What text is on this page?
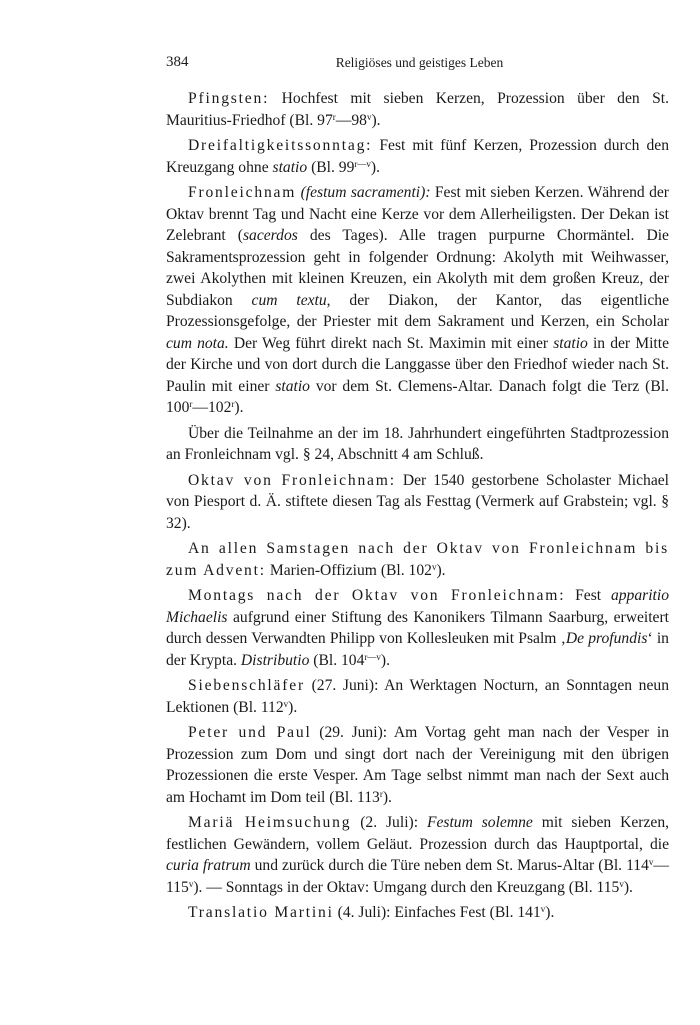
384	Religiöses und geistiges Leben

Pfingsten: Hochfest mit sieben Kerzen, Prozession über den St. Mauritius-Friedhof (Bl. 97$^r$—98$^v$).

Dreifaltigkeitssonntag: Fest mit fünf Kerzen, Prozession durch den Kreuzgang ohne statio (Bl. $99^{r—v}$).

Fronleichnam (festum sacramenti): Fest mit sieben Kerzen. Während der Oktav brennt Tag und Nacht eine Kerze vor dem Allerheiligsten. Der Dekan ist Zelebrant (sacerdos des Tages). Alle tragen purpurne Chormäntel. Die Sakramentsprozession geht in folgender Ordnung: Akolyth mit Weihwasser, zwei Akolythen mit kleinen Kreuzen, ein Akolyth mit dem großen Kreuz, der Subdiakon cum textu, der Diakon, der Kantor, das eigentliche Prozessionsgefolge, der Priester mit dem Sakrament und Kerzen, ein Scholar cum nota. Der Weg führt direkt nach St. Maximin mit einer statio in der Mitte der Kirche und von dort durch die Langgasse über den Friedhof wieder nach St. Paulin mit einer statio vor dem St. Clemens-Altar. Danach folgt die Terz (Bl. 100$^r$—102$^r$).

Über die Teilnahme an der im 18. Jahrhundert eingeführten Stadtprozession an Fronleichnam vgl. § 24, Abschnitt 4 am Schluß.

Oktav von Fronleichnam: Der 1540 gestorbene Scholaster Michael von Piesport d. Ä. stiftete diesen Tag als Festtag (Vermerk auf Grabstein; vgl. § 32).

An allen Samstagen nach der Oktav von Fronleichnam bis zum Advent: Marien-Offizium (Bl. 102$^v$).

Montags nach der Oktav von Fronleichnam: Fest apparitio Michaelis aufgrund einer Stiftung des Kanonikers Tilmann Saarburg, erweitert durch dessen Verwandten Philipp von Kollesleuken mit Psalm ‚De profundis‘ in der Krypta. Distributio (Bl. $104^{r—v}$).

Siebenschläfer (27. Juni): An Werktagen Nocturn, an Sonntagen neun Lektionen (Bl. 112$^v$).

Peter und Paul (29. Juni): Am Vortag geht man nach der Vesper in Prozession zum Dom und singt dort nach der Vereinigung mit den übrigen Prozessionen die erste Vesper. Am Tage selbst nimmt man nach der Sext auch am Hochamt im Dom teil (Bl. 113$^r$).

Mariä Heimsuchung (2. Juli): Festum solemne mit sieben Kerzen, festlichen Gewändern, vollem Geläut. Prozession durch das Hauptportal, die curia fratrum und zurück durch die Türe neben dem St. Marus-Altar (Bl. 114$^v$—115$^v$). — Sonntags in der Oktav: Umgang durch den Kreuzgang (Bl. 115$^v$).

Translatio Martini (4. Juli): Einfaches Fest (Bl. 141$^v$).
